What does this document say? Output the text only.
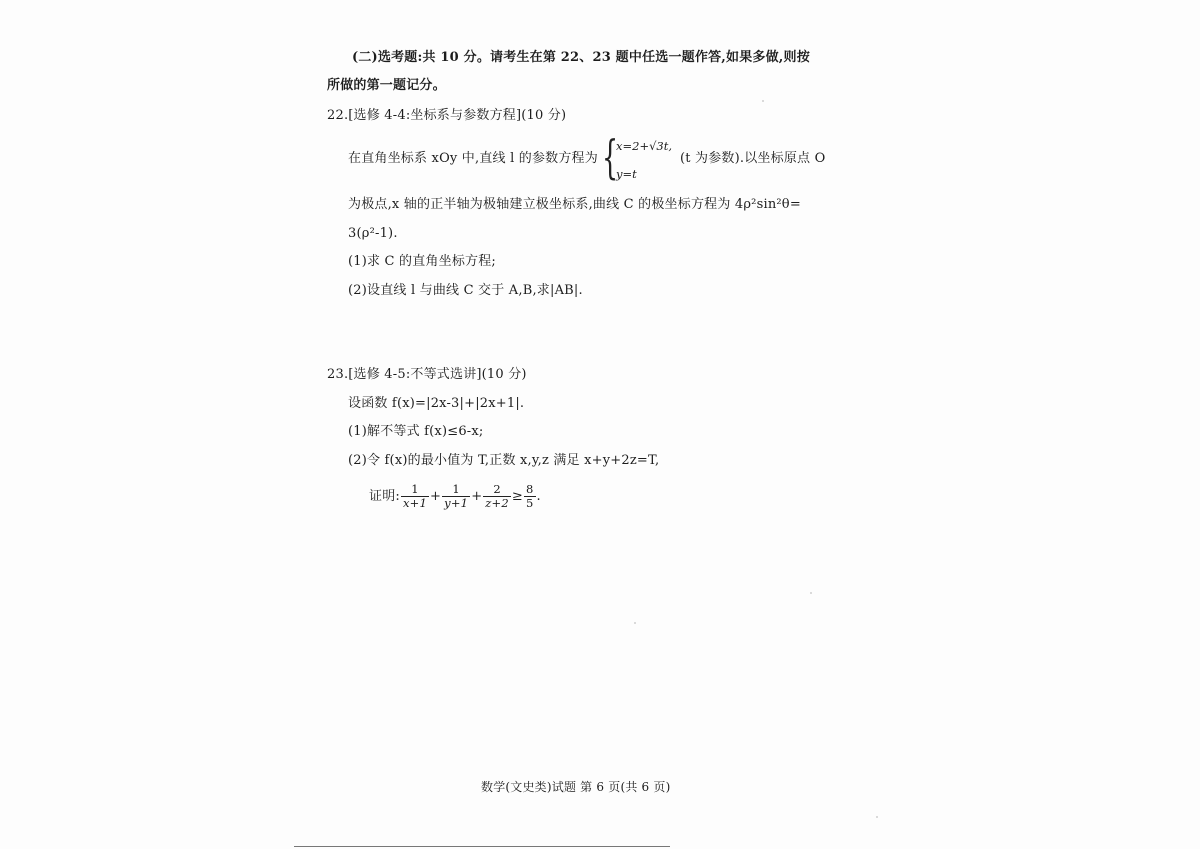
(二)选考题:共 10 分。请考生在第 22、23 题中任选一题作答,如果多做,则按
所做的第一题记分。
22.[选修 4-4:坐标系与参数方程](10 分)
在直角坐标系 xOy 中,直线 l 的参数方程为 {
x=2+√3t,
y=t
(t 为参数).以坐标原点 O
为极点,x 轴的正半轴为极轴建立极坐标系,曲线 C 的极坐标方程为 4ρ²sin²θ=
3(ρ²-1).
(1)求 C 的直角坐标方程;
(2)设直线 l 与曲线 C 交于 A,B,求|AB|.
23.[选修 4-5:不等式选讲](10 分)
设函数 f(x)=|2x-3|+|2x+1|.
(1)解不等式 f(x)≤6-x;
(2)令 f(x)的最小值为 T,正数 x,y,z 满足 x+y+2z=T,
证明: $\frac{1}{x+1} + \frac{1}{y+1} + \frac{2}{z+2} \ge \frac{8}{5}$ .
数学(文史类)试题 第 6 页(共 6 页)
